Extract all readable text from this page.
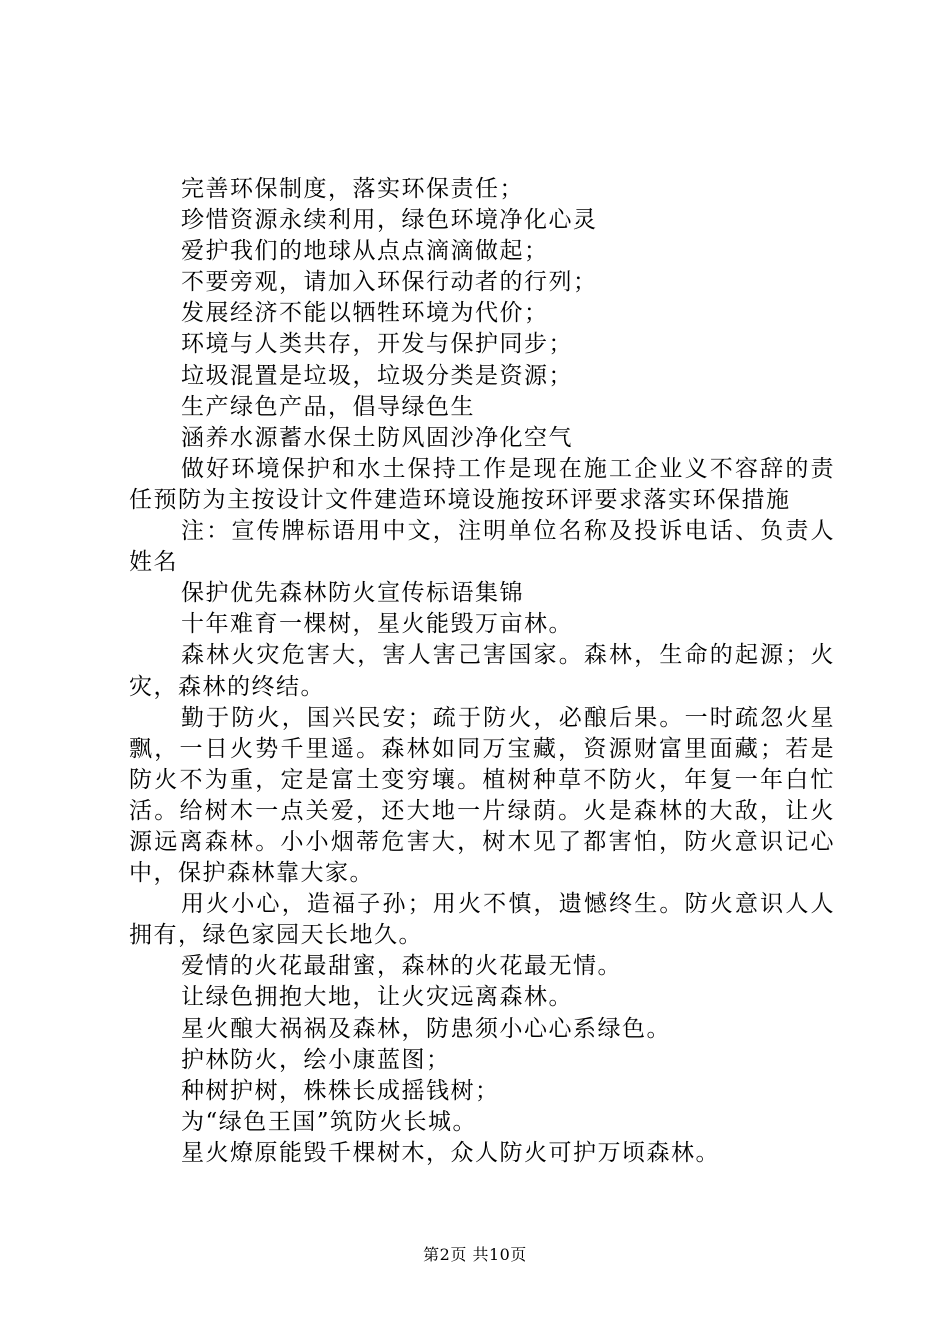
完善环保制度，落实环保责任；

珍惜资源永续利用，绿色环境净化心灵

爱护我们的地球从点点滴滴做起；

不要旁观，请加入环保行动者的行列；

发展经济不能以牺牲环境为代价；

环境与人类共存，开发与保护同步；

垃圾混置是垃圾，垃圾分类是资源；

生产绿色产品，倡导绿色生

涵养水源蓄水保土防风固沙净化空气

做好环境保护和水土保持工作是现在施工企业义不容辞的责任预防为主按设计文件建造环境设施按环评要求落实环保措施

注：宣传牌标语用中文，注明单位名称及投诉电话、负责人姓名

保护优先森林防火宣传标语集锦

十年难育一棵树，星火能毁万亩林。

森林火灾危害大，害人害己害国家。森林，生命的起源；火灾，森林的终结。

勤于防火，国兴民安；疏于防火，必酿后果。一时疏忽火星飘，一日火势千里遥。森林如同万宝藏，资源财富里面藏；若是防火不为重，定是富土变穷壤。植树种草不防火，年复一年白忙活。给树木一点关爱，还大地一片绿荫。火是森林的大敌，让火源远离森林。小小烟蒂危害大，树木见了都害怕，防火意识记心中，保护森林靠大家。

用火小心，造福子孙；用火不慎，遗憾终生。防火意识人人拥有，绿色家园天长地久。

爱情的火花最甜蜜，森林的火花最无情。

让绿色拥抱大地，让火灾远离森林。

星火酿大祸祸及森林，防患须小心心系绿色。

护林防火，绘小康蓝图；

种树护树，株株长成摇钱树；

为“绿色王国”筑防火长城。

星火燎原能毁千棵树木，众人防火可护万顷森林。

第2页 共10页
